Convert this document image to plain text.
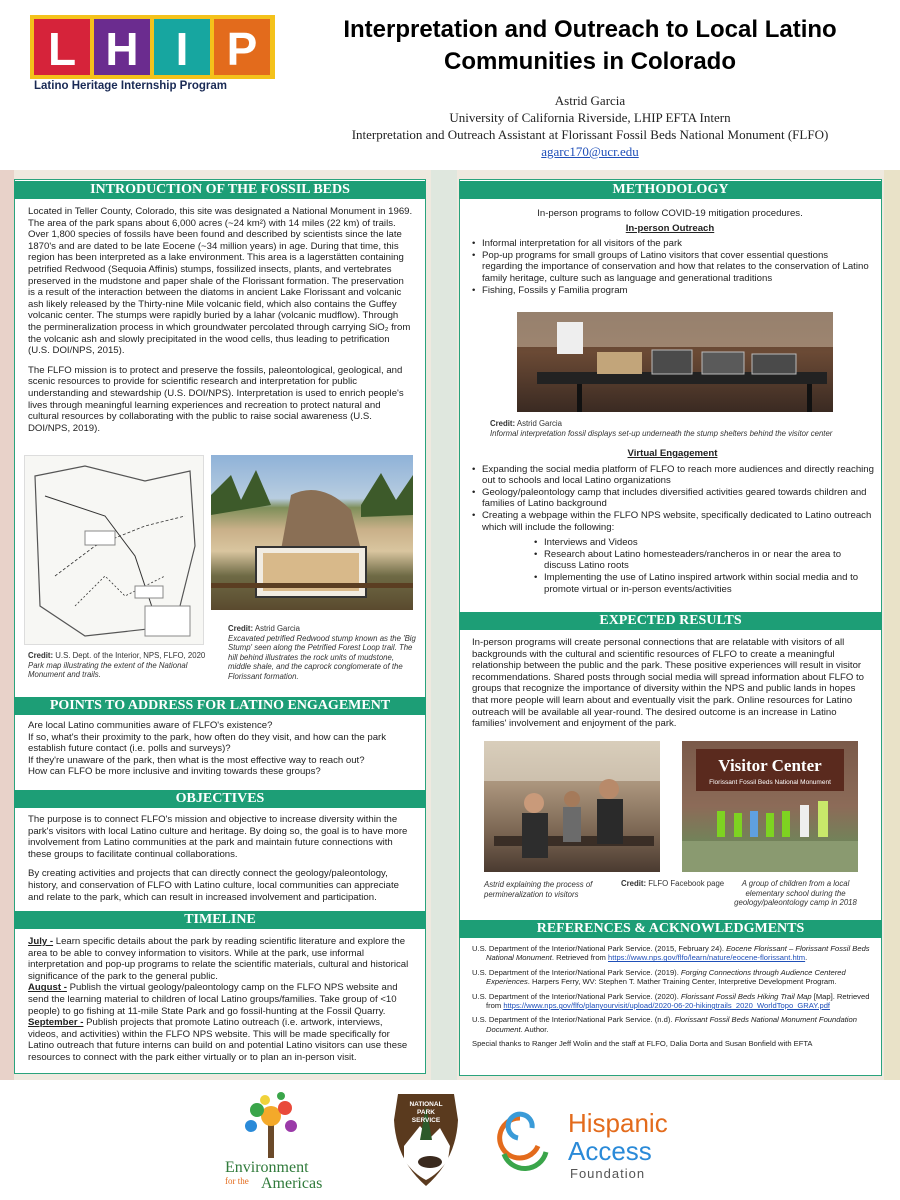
L H I P
Latino Heritage Internship Program
Interpretation and Outreach to Local Latino
Communities in Colorado
Astrid Garcia
University of California Riverside, LHIP EFTA Intern
Interpretation and Outreach Assistant at Florissant Fossil Beds National Monument (FLFO)
agarc170@ucr.edu
INTRODUCTION OF THE FOSSIL BEDS

Located in Teller County, Colorado, this site was designated a National Monument in 1969. The area of the park spans about 6,000 acres (~24 km²) with 14 miles (22 km) of trails. Over 1,800 species of fossils have been found and described by scientists since the late 1870's and are dated to be late Eocene (~34 million years) in age. During that time, this region has been interpreted as a lake environment. This area is a lagerstätten containing petrified Redwood (Sequoia Affinis) stumps, fossilized insects, plants, and vertebrates preserved in the mudstone and paper shale of the Florissant formation. The preservation is a result of the interaction between the diatoms in ancient Lake Florissant and volcanic ash likely released by the Thirty-nine Mile volcanic field, which also contains the Guffey volcanic center. The stumps were rapidly buried by a lahar (volcanic mudflow). Through the permineralization process in which groundwater percolated through carrying SiO₂ from the volcanic ash and slowly precipitated in the wood cells, thus leading to petrification (U.S. DOI/NPS, 2015).

The FLFO mission is to protect and preserve the fossils, paleontological, geological, and scenic resources to provide for scientific research and interpretation for public understanding and stewardship (U.S. DOI/NPS). Interpretation is used to enrich people's lives through meaningful learning experiences and recreation to protect natural and cultural resources by collaborating with the public to raise social awareness (U.S. DOI/NPS, 2019).

Credit: U.S. Dept. of the Interior, NPS, FLFO, 2020
Park map illustrating the extent of the National Monument and trails.
Credit: Astrid Garcia
Excavated petrified Redwood stump known as the 'Big Stump' seen along the Petrified Forest Loop trail. The hill behind illustrates the rock units of mudstone, middle shale, and the caprock conglomerate of the Florissant formation.
POINTS TO ADDRESS FOR LATINO ENGAGEMENT
Are local Latino communities aware of FLFO's existence?
If so, what's their proximity to the park, how often do they visit, and how can the park establish future contact (i.e. polls and surveys)?
If they're unaware of the park, then what is the most effective way to reach out?
How can FLFO be more inclusive and inviting towards these groups?
OBJECTIVES

The purpose is to connect FLFO's mission and objective to increase diversity within the park's visitors with local Latino culture and heritage. By doing so, the goal is to have more involvement from Latino communities at the park and maintain future connections with these groups to facilitate continual collaborations.

By creating activities and projects that can directly connect the geology/paleontology, history, and conservation of FLFO with Latino culture, local communities can appreciate and relate to the park, which can result in increased involvement and participation.

TIMELINE
July - Learn specific details about the park by reading scientific literature and explore the area to be able to convey information to visitors. While at the park, use informal interpretation and pop-up programs to relate the scientific materials, cultural and historical significance of the park to the general public.
August - Publish the virtual geology/paleontology camp on the FLFO NPS website and send the learning material to children of local Latino groups/families. Take group of <10 people) to go fishing at 11-mile State Park and go fossil-hunting at the Fossil Quarry.
September - Publish projects that promote Latino outreach (i.e. artwork, interviews, videos, and activities) within the FLFO NPS website. This will be made specifically for Latino outreach that future interns can build on and potential Latino visitors can use these resources to connect with the park either virtually or to plan an in-person visit.
METHODOLOGY
In-person programs to follow COVID-19 mitigation procedures.
In-person Outreach
• Informal interpretation for all visitors of the park
• Pop-up programs for small groups of Latino visitors that cover essential questions regarding the importance of conservation and how that relates to the conservation of Latino family heritage, culture such as language and generational traditions
• Fishing, Fossils y Familia program
Credit: Astrid Garcia
Informal interpretation fossil displays set-up underneath the stump shelters behind the visitor center
Virtual Engagement
• Expanding the social media platform of FLFO to reach more audiences and directly reaching out to schools and local Latino organizations
• Geology/paleontology camp that includes diversified activities geared towards children and families of Latino background
• Creating a webpage within the FLFO NPS website, specifically dedicated to Latino outreach which will include the following:
• Interviews and Videos
• Research about Latino homesteaders/rancheros in or near the area to discuss Latino roots
• Implementing the use of Latino inspired artwork within social media and to promote virtual or in-person events/activities
EXPECTED RESULTS
In-person programs will create personal connections that are relatable with visitors of all backgrounds with the cultural and scientific resources of FLFO to create a meaningful relationship between the public and the park. These positive experiences will result in visitor recommendations. Shared posts through social media will spread information about FLFO to groups that recognize the importance of diversity within the NPS and public lands in hopes that more people will learn about and eventually visit the park. Online resources for Latino outreach will be available all year-round. The desired outcome is an increase in Latino families' involvement and enjoyment of the park.
Visitor Center
Florissant Fossil Beds National Monument
Astrid explaining the process of permineralization to visitors
Credit: FLFO Facebook page	A group of children from a local elementary school during the geology/paleontology camp in 2018
REFERENCES & ACKNOWLEDGMENTS

U.S. Department of the Interior/National Park Service. (2015, February 24). Eocene Florissant – Florissant Fossil Beds National Monument. Retrieved from https://www.nps.gov/flfo/learn/nature/eocene-florissant.htm.

U.S. Department of the Interior/National Park Service. (2019). Forging Connections through Audience Centered Experiences. Harpers Ferry, WV: Stephen T. Mather Training Center, Interpretive Development Program.

U.S. Department of the Interior/National Park Service. (2020). Florissant Fossil Beds Hiking Trail Map [Map]. Retrieved from https://www.nps.gov/flfo/planyourvisit/upload/2020-06-20-hikingtrails_2020_WorldTopo_GRAY.pdf

U.S. Department of the Interior/National Park Service. (n.d). Florissant Fossil Beds National Monument Foundation Document. Author.

Special thanks to Ranger Jeff Wolin and the staff at FLFO, Dalia Dorta and Susan Bonfield with EFTA
Environment
for the Americas
NATIONAL
PARK
SERVICE	Hispanic
Access
Foundation
